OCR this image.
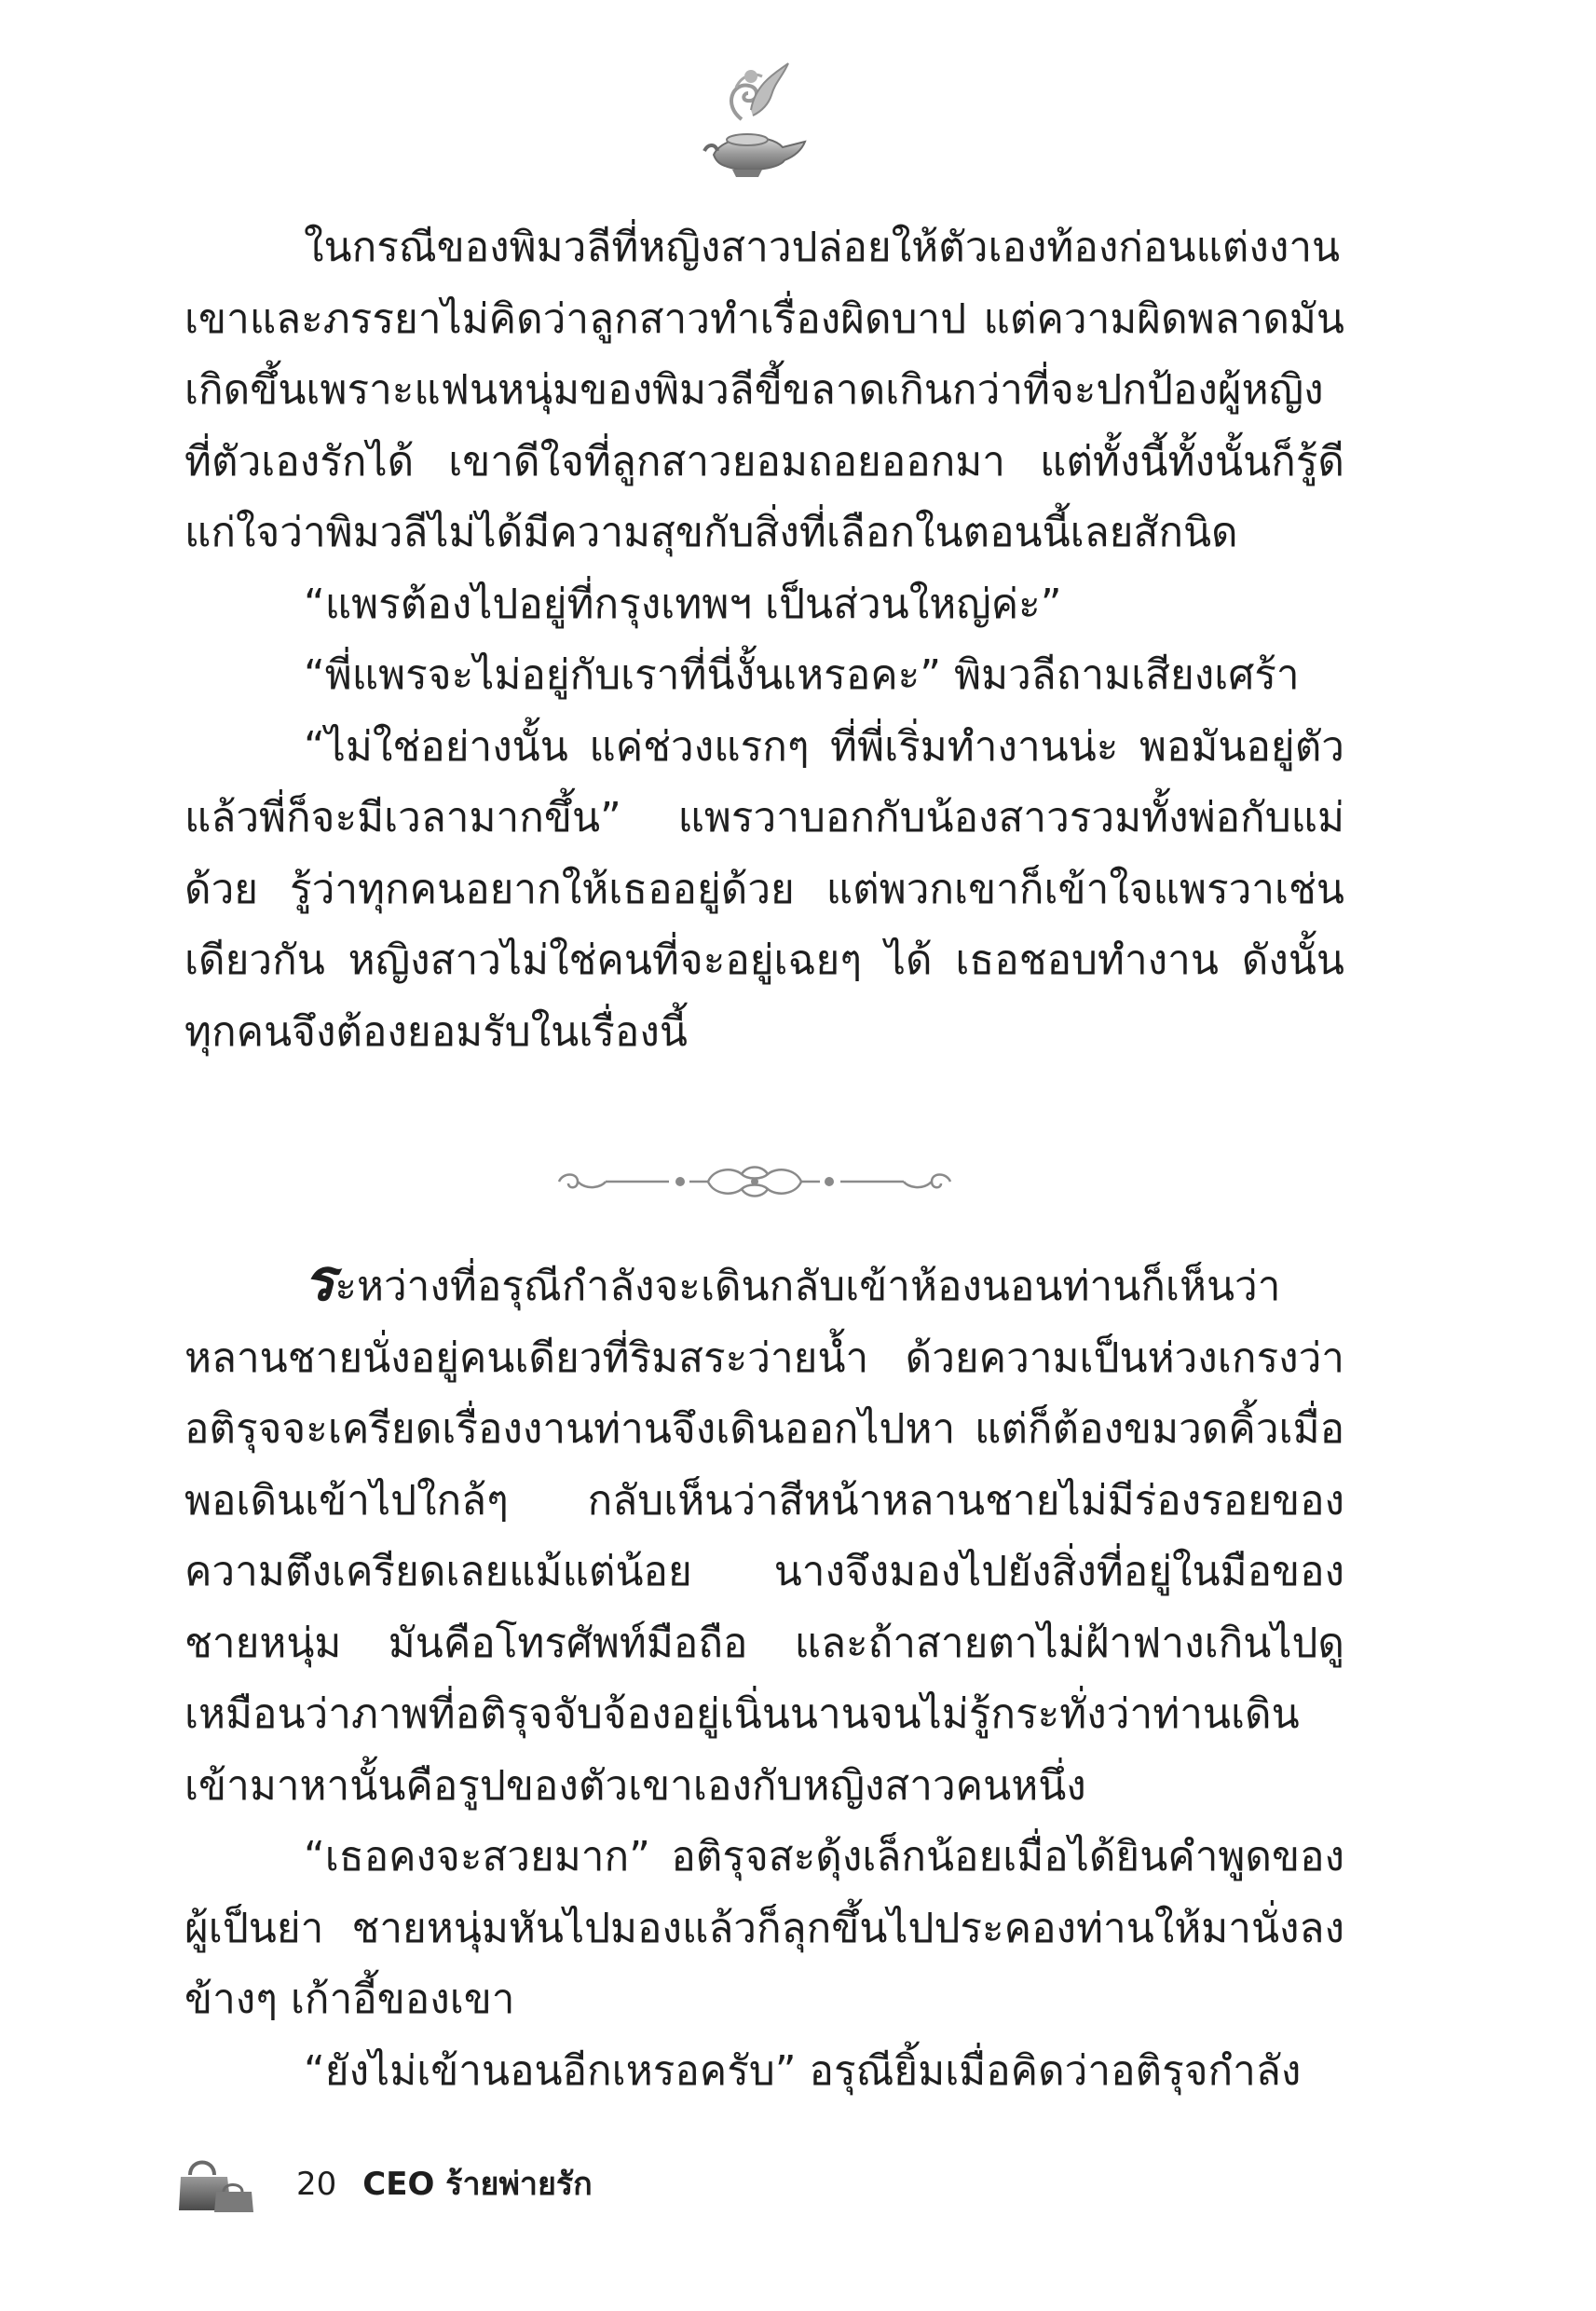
ในกรณีของพิมวลีที่หญิงสาวปล่อยให้ตัวเองท้องก่อนแต่งงาน เขาและภรรยาไม่คิดว่าลูกสาวทำเรื่องผิดบาป แต่ความผิดพลาดมันเกิดขึ้นเพราะแฟนหนุ่มของพิมวลีขี้ขลาดเกินกว่าที่จะปกป้องผู้หญิงที่ตัวเองรักได้ เขาดีใจที่ลูกสาวยอมถอยออกมา แต่ทั้งนี้ทั้งนั้นก็รู้ดีแก่ใจว่าพิมวลีไม่ได้มีความสุขกับสิ่งที่เลือกในตอนนี้เลยสักนิด

“แพรต้องไปอยู่ที่กรุงเทพฯ เป็นส่วนใหญ่ค่ะ”

“พี่แพรจะไม่อยู่กับเราที่นี่งั้นเหรอคะ” พิมวลีถามเสียงเศร้า

“ไม่ใช่อย่างนั้น แค่ช่วงแรกๆ ที่พี่เริ่มทำงานน่ะ พอมันอยู่ตัวแล้วพี่ก็จะมีเวลามากขึ้น” แพรวาบอกกับน้องสาวรวมทั้งพ่อกับแม่ด้วย รู้ว่าทุกคนอยากให้เธออยู่ด้วย แต่พวกเขาก็เข้าใจแพรวาเช่นเดียวกัน หญิงสาวไม่ใช่คนที่จะอยู่เฉยๆ ได้ เธอชอบทำงาน ดังนั้นทุกคนจึงต้องยอมรับในเรื่องนี้

ระหว่างที่อรุณีกำลังจะเดินกลับเข้าห้องนอนท่านก็เห็นว่าหลานชายนั่งอยู่คนเดียวที่ริมสระว่ายน้ำ ด้วยความเป็นห่วงเกรงว่าอติรุจจะเครียดเรื่องงานท่านจึงเดินออกไปหา แต่ก็ต้องขมวดคิ้วเมื่อพอเดินเข้าไปใกล้ๆ กลับเห็นว่าสีหน้าหลานชายไม่มีร่องรอยของความตึงเครียดเลยแม้แต่น้อย นางจึงมองไปยังสิ่งที่อยู่ในมือของชายหนุ่ม มันคือโทรศัพท์มือถือ และถ้าสายตาไม่ฝ้าฟางเกินไปดูเหมือนว่าภาพที่อติรุจจับจ้องอยู่เนิ่นนานจนไม่รู้กระทั่งว่าท่านเดินเข้ามาหานั้นคือรูปของตัวเขาเองกับหญิงสาวคนหนึ่ง

“เธอคงจะสวยมาก” อติรุจสะดุ้งเล็กน้อยเมื่อได้ยินคำพูดของผู้เป็นย่า ชายหนุ่มหันไปมองแล้วก็ลุกขึ้นไปประคองท่านให้มานั่งลงข้างๆ เก้าอี้ของเขา

“ยังไม่เข้านอนอีกเหรอครับ” อรุณียิ้มเมื่อคิดว่าอติรุจกำลัง

20 CEO ร้ายพ่ายรัก
